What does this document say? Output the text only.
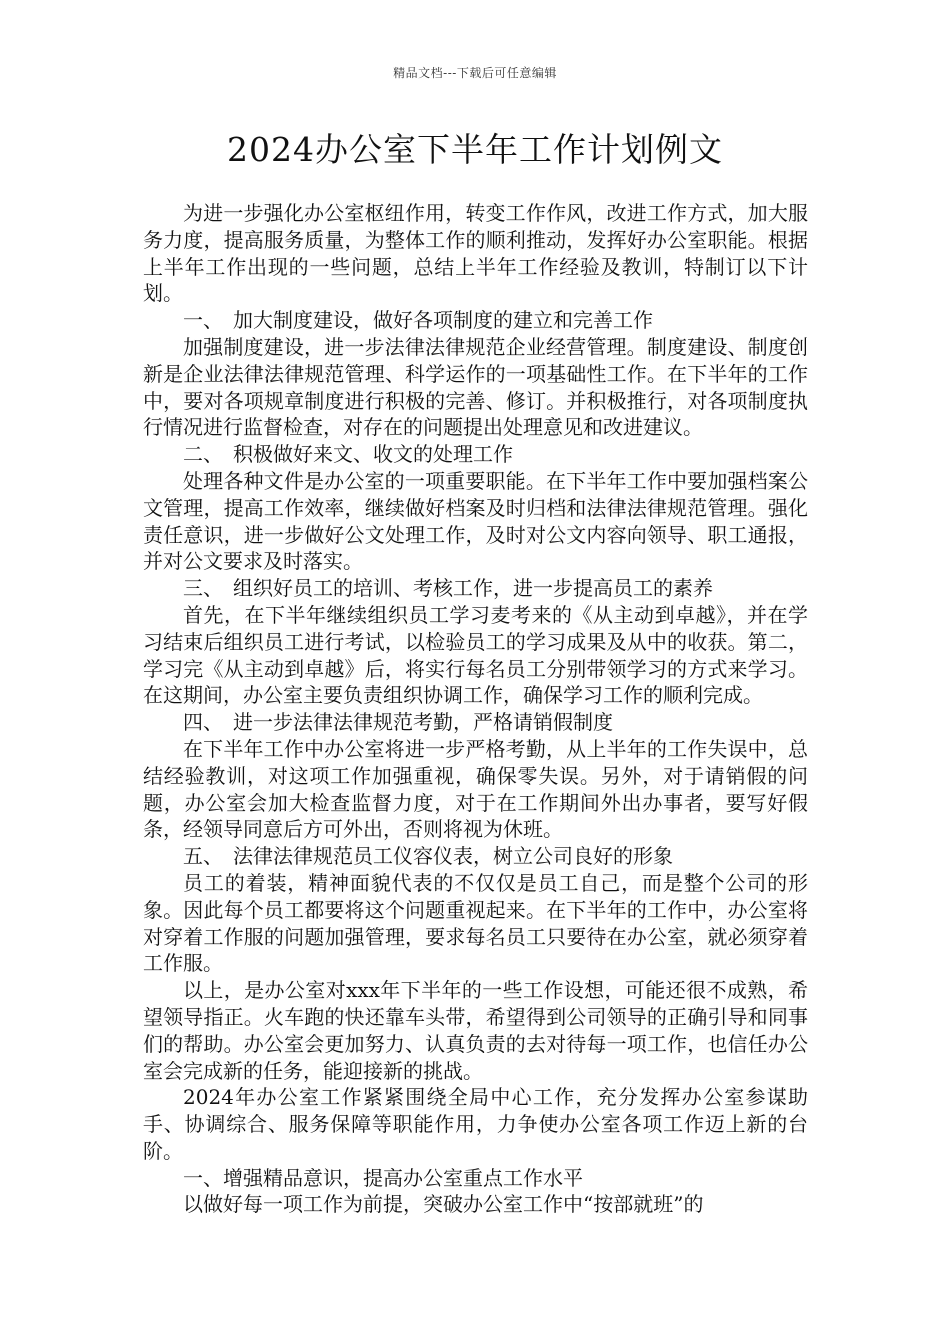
精品文档---下载后可任意编辑
2024办公室下半年工作计划例文

为进一步强化办公室枢纽作用，转变工作作风，改进工作方式，加大服务力度，提高服务质量，为整体工作的顺利推动，发挥好办公室职能。根据上半年工作出现的一些问题，总结上半年工作经验及教训，特制订以下计划。

一、　加大制度建设，做好各项制度的建立和完善工作

加强制度建设，进一步法律法律规范企业经营管理。制度建设、制度创新是企业法律法律规范管理、科学运作的一项基础性工作。在下半年的工作中，要对各项规章制度进行积极的完善、修订。并积极推行，对各项制度执行情况进行监督检查，对存在的问题提出处理意见和改进建议。

二、　积极做好来文、收文的处理工作

处理各种文件是办公室的一项重要职能。在下半年工作中要加强档案公文管理，提高工作效率，继续做好档案及时归档和法律法律规范管理。强化责任意识，进一步做好公文处理工作，及时对公文内容向领导、职工通报，并对公文要求及时落实。

三、　组织好员工的培训、考核工作，进一步提高员工的素养

首先，在下半年继续组织员工学习麦考来的《从主动到卓越》，并在学习结束后组织员工进行考试，以检验员工的学习成果及从中的收获。第二，学习完《从主动到卓越》后，将实行每名员工分别带领学习的方式来学习。在这期间，办公室主要负责组织协调工作，确保学习工作的顺利完成。

四、　进一步法律法律规范考勤，严格请销假制度

在下半年工作中办公室将进一步严格考勤，从上半年的工作失误中，总结经验教训，对这项工作加强重视，确保零失误。另外，对于请销假的问题，办公室会加大检查监督力度，对于在工作期间外出办事者，要写好假条，经领导同意后方可外出，否则将视为休班。

五、　法律法律规范员工仪容仪表，树立公司良好的形象

员工的着装，精神面貌代表的不仅仅是员工自己，而是整个公司的形象。因此每个员工都要将这个问题重视起来。在下半年的工作中，办公室将对穿着工作服的问题加强管理，要求每名员工只要待在办公室，就必须穿着工作服。

以上，是办公室对xxx年下半年的一些工作设想，可能还很不成熟，希望领导指正。火车跑的快还靠车头带，希望得到公司领导的正确引导和同事们的帮助。办公室会更加努力、认真负责的去对待每一项工作，也信任办公室会完成新的任务，能迎接新的挑战。

2024年办公室工作紧紧围绕全局中心工作，充分发挥办公室参谋助手、协调综合、服务保障等职能作用，力争使办公室各项工作迈上新的台阶。

一、增强精品意识，提高办公室重点工作水平

以做好每一项工作为前提，突破办公室工作中“按部就班”的
